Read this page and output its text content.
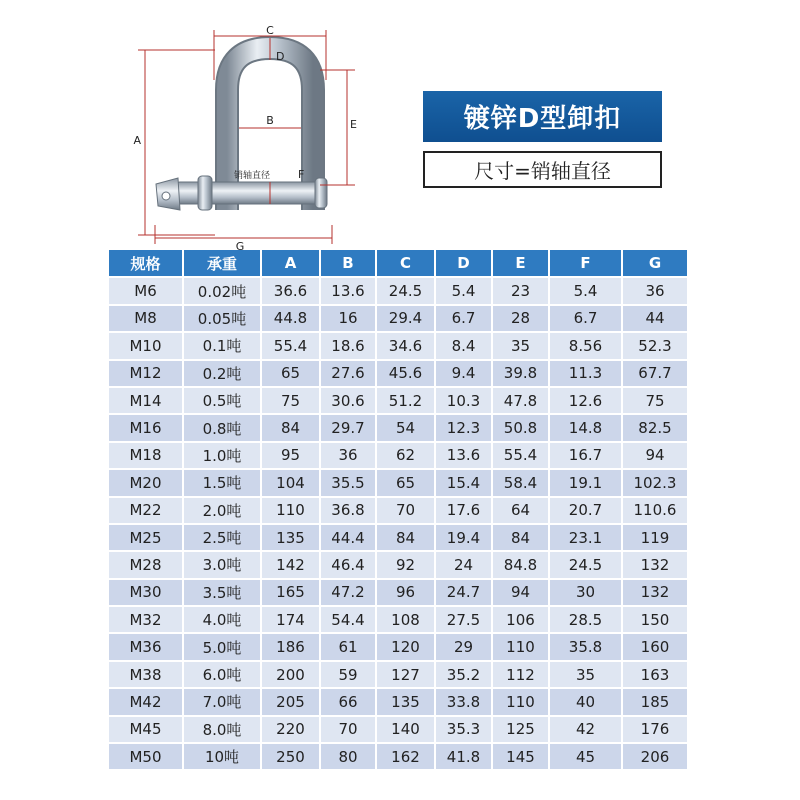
C
D
A
B	E
销轴直径	F
G
镀锌D型卸扣
尺寸=销轴直径
规格	承重	A	B	C	D	E	F	G
M6	0.02吨	36.6	13.6	24.5	5.4	23	5.4	36
M8	0.05吨	44.8	16	29.4	6.7	28	6.7	44
M10	0.1吨	55.4	18.6	34.6	8.4	35	8.56	52.3
M12	0.2吨	65	27.6	45.6	9.4	39.8	11.3	67.7
M14	0.5吨	75	30.6	51.2	10.3	47.8	12.6	75
M16	0.8吨	84	29.7	54	12.3	50.8	14.8	82.5
M18	1.0吨	95	36	62	13.6	55.4	16.7	94
M20	1.5吨	104	35.5	65	15.4	58.4	19.1	102.3
M22	2.0吨	110	36.8	70	17.6	64	20.7	110.6
M25	2.5吨	135	44.4	84	19.4	84	23.1	119
M28	3.0吨	142	46.4	92	24	84.8	24.5	132
M30	3.5吨	165	47.2	96	24.7	94	30	132
M32	4.0吨	174	54.4	108	27.5	106	28.5	150
M36	5.0吨	186	61	120	29	110	35.8	160
M38	6.0吨	200	59	127	35.2	112	35	163
M42	7.0吨	205	66	135	33.8	110	40	185
M45	8.0吨	220	70	140	35.3	125	42	176
M50	10吨	250	80	162	41.8	145	45	206
